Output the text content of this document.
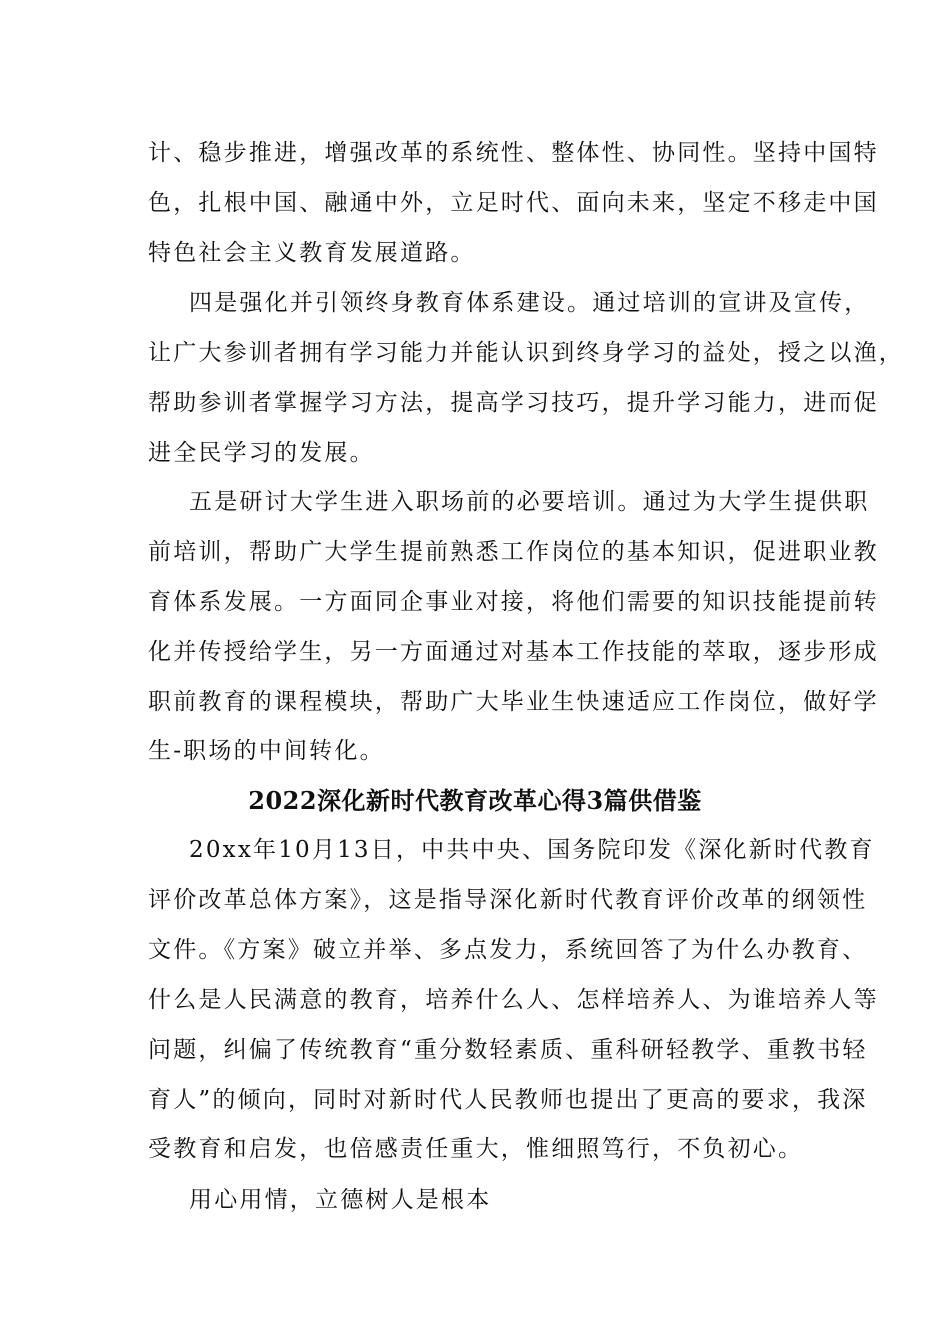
计、稳步推进，增强改革的系统性、整体性、协同性。坚持中国特
色，扎根中国、融通中外，立足时代、面向未来，坚定不移走中国
特色社会主义教育发展道路。
四是强化并引领终身教育体系建设。通过培训的宣讲及宣传，
让广大参训者拥有学习能力并能认识到终身学习的益处，授之以渔，
帮助参训者掌握学习方法，提高学习技巧，提升学习能力，进而促
进全民学习的发展。
五是研讨大学生进入职场前的必要培训。通过为大学生提供职
前培训，帮助广大学生提前熟悉工作岗位的基本知识，促进职业教
育体系发展。一方面同企事业对接，将他们需要的知识技能提前转
化并传授给学生，另一方面通过对基本工作技能的萃取，逐步形成
职前教育的课程模块，帮助广大毕业生快速适应工作岗位，做好学
生-职场的中间转化。
2022深化新时代教育改革心得3篇供借鉴
20xx年10月13日，中共中央、国务院印发《深化新时代教育
评价改革总体方案》，这是指导深化新时代教育评价改革的纲领性
文件。《方案》破立并举、多点发力，系统回答了为什么办教育、
什么是人民满意的教育，培养什么人、怎样培养人、为谁培养人等
问题，纠偏了传统教育“重分数轻素质、重科研轻教学、重教书轻
育人”的倾向，同时对新时代人民教师也提出了更高的要求，我深
受教育和启发，也倍感责任重大，惟细照笃行，不负初心。
用心用情，立德树人是根本
